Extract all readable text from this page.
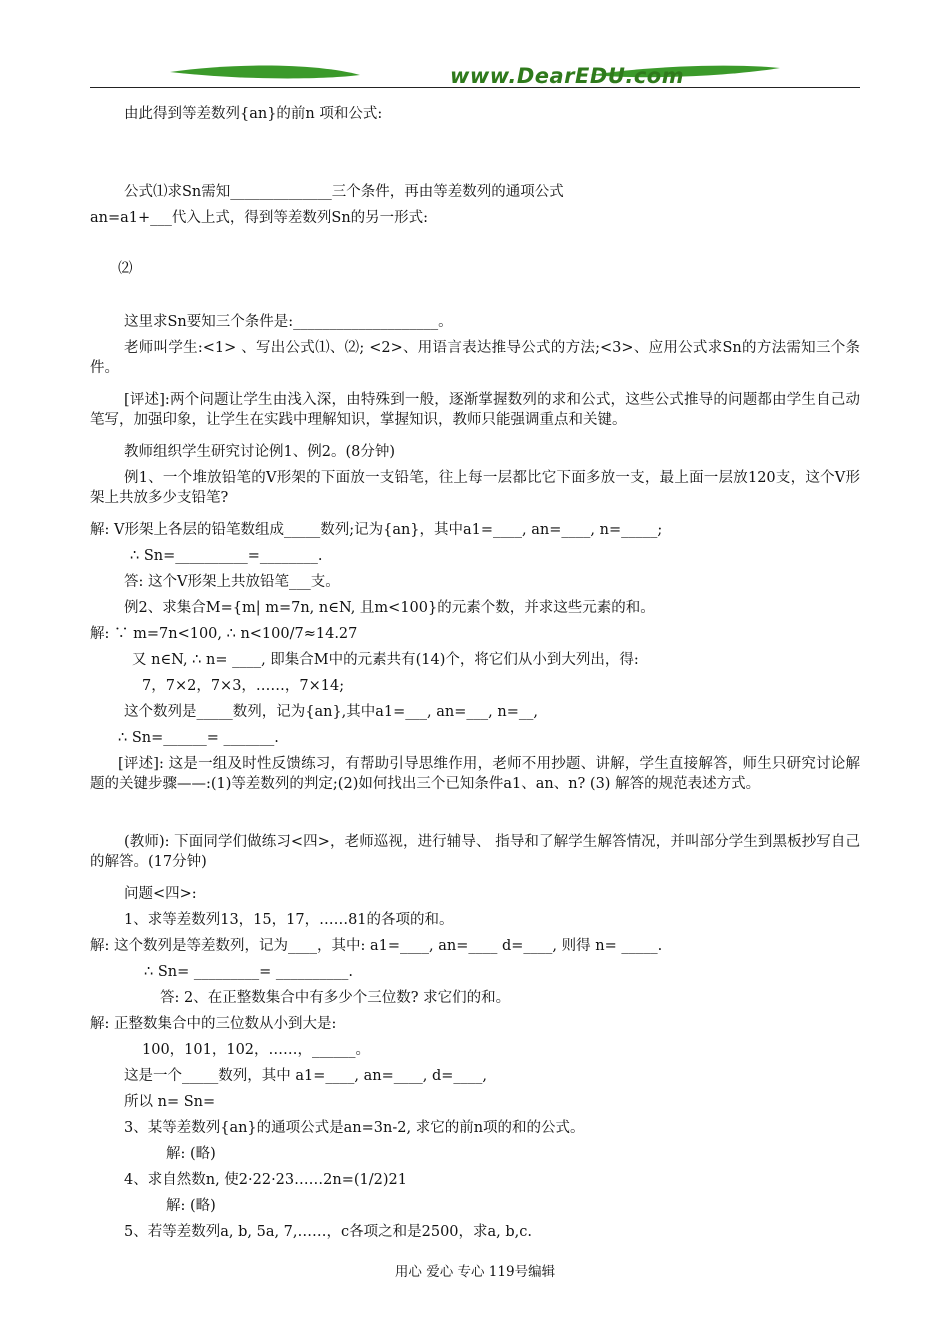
www.DearEDU.com
由此得到等差数列{an}的前n 项和公式:
公式⑴求Sn需知______________三个条件，再由等差数列的通项公式
an=a1+___代入上式，得到等差数列Sn的另一形式:
⑵
这里求Sn要知三个条件是:____________________。
老师叫学生:<1> 、写出公式⑴、⑵; <2>、用语言表达推导公式的方法;<3>、应用公式求Sn的方法需知三个条件。
[评述]:两个问题让学生由浅入深，由特殊到一般，逐渐掌握数列的求和公式，这些公式推导的问题都由学生自己动笔写，加强印象，让学生在实践中理解知识，掌握知识，教师只能强调重点和关键。
教师组织学生研究讨论例1、例2。(8分钟)
例1、一个堆放铅笔的V形架的下面放一支铅笔，往上每一层都比它下面多放一支，最上面一层放120支，这个V形架上共放多少支铅笔?
解: V形架上各层的铅笔数组成_____数列;记为{an}，其中a1=____, an=____, n=_____;
∴ Sn=__________=________.
答: 这个V形架上共放铅笔___支。
例2、求集合M={m| m=7n, n∈N, 且m<100}的元素个数，并求这些元素的和。
解: ∵ m=7n<100, ∴ n<100/7≈14.27
又 n∈N, ∴ n= ____, 即集合M中的元素共有(14)个，将它们从小到大列出，得:
7，7×2，7×3，……，7×14;
这个数列是_____数列，记为{an},其中a1=___, an=___, n=__,
∴ Sn=______= _______.
[评述]: 这是一组及时性反馈练习，有帮助引导思维作用，老师不用抄题、讲解，学生直接解答，师生只研究讨论解题的关键步骤——:(1)等差数列的判定;(2)如何找出三个已知条件a1、an、n? (3) 解答的规范表述方式。
(教师): 下面同学们做练习<四>，老师巡视，进行辅导、 指导和了解学生解答情况，并叫部分学生到黑板抄写自己的解答。(17分钟)
问题<四>:
1、求等差数列13，15，17，……81的各项的和。
解: 这个数列是等差数列，记为____，其中: a1=____, an=____ d=____, 则得 n= _____.
∴ Sn= _________= __________.
答: 2、在正整数集合中有多少个三位数? 求它们的和。
解: 正整数集合中的三位数从小到大是:
100，101，102，……，______。
这是一个_____数列，其中 a1=____, an=____, d=____,
所以 n= Sn=
3、某等差数列{an}的通项公式是an=3n-2, 求它的前n项的和的公式。
解: (略)
4、求自然数n, 使2·22·23……2n=(1/2)21
解: (略)
5、若等差数列a, b, 5a, 7,……，c各项之和是2500，求a, b,c.
用心 爱心 专心 119号编辑
